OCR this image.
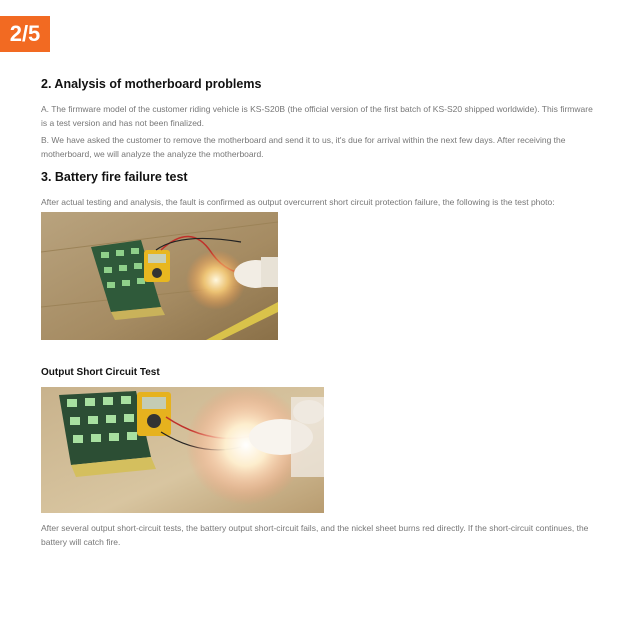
2/5
2. Analysis of motherboard problems
A. The firmware model of the customer riding vehicle is KS-S20B (the official version of the first batch of KS-S20 shipped worldwide). This firmware is a test version and has not been finalized.
B. We have asked the customer to remove the motherboard and send it to us, it's due for arrival within the next few days. After receiving the motherboard, we will analyze the analyze the motherboard.
3. Battery fire failure test
After actual testing and analysis, the fault is confirmed as output overcurrent short circuit protection failure, the following is the test photo:
Output Short Circuit Test
After several output short-circuit tests, the battery output short-circuit fails, and the nickel sheet burns red directly. If the short-circuit continues, the battery will catch fire.
